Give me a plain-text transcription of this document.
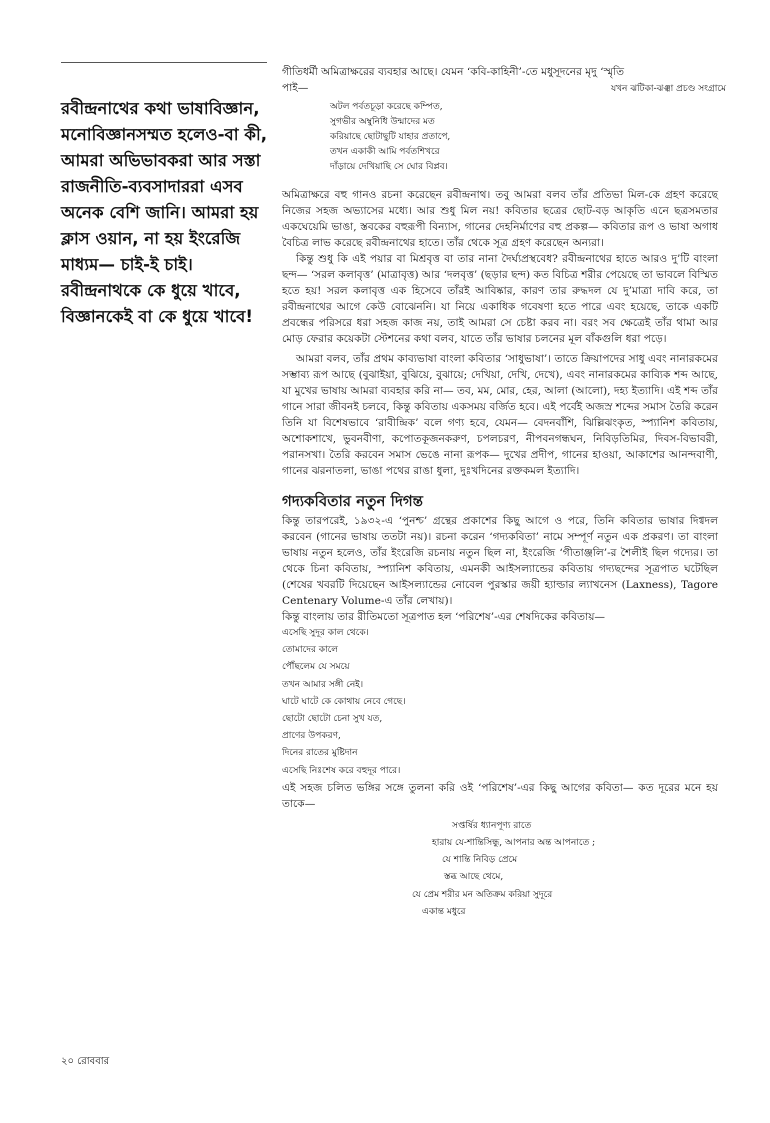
রবীন্দ্রনাথের কথা ভাষাবিজ্ঞান, মনোবিজ্ঞানসম্মত হলেও-বা কী, আমরা অভিভাবকরা আর সস্তা রাজনীতি-ব্যবসাদাররা এসব অনেক বেশি জানি। আমরা হয় ক্লাস ওয়ান, না হয় ইংরেজি মাধ্যম— চাই-ই চাই। রবীন্দ্রনাথকে কে ধুয়ে খাবে, বিজ্ঞানকেই বা কে ধুয়ে খাবে!
গীতিধর্মী অমিত্রাক্ষরের ব্যবহার আছে। যেমন ‘কবি-কাহিনী’-তে মধুসূদনের মৃদু ‘স্মৃতি
পাই—	যখন ঝটিকা-ঝঞ্ঝা প্রচণ্ড সংগ্রামে
অটল পর্বতচূড়া করেছে কম্পিত,
সুগভীর অম্বুনিধি উন্মাদের মত
করিয়াছে ছোটাছুটি যাহার প্রতাপে,
তখন একাকী আমি পর্বতশিখরে
দাঁড়ায়ে দেখিয়াছি সে ঘোর বিপ্লব।

অমিত্রাক্ষরে বহু গানও রচনা করেছেন রবীন্দ্রনাথ। তবু আমরা বলব তাঁর প্রতিভা মিল-কে গ্রহণ করেছে নিজের সহজ অভ্যাসের মধ্যে। আর শুধু মিল নয়! কবিতার ছত্রের ছোট-বড় আকৃতি এনে ছত্রসমতার একঘেয়েমি ভাঙা, স্তবকের বহুরূপী বিন্যাস, গানের দেহনির্মাণের বহু প্রকল্প— কবিতার রূপ ও ভাষা অগাধ বৈচিত্র লাভ করেছে রবীন্দ্রনাথের হাতে। তাঁর থেকে সূত্র গ্রহণ করেছেন অন্যরা।

কিন্তু শুধু কি এই পয়ার বা মিশ্রবৃত্ত বা তার নানা দৈর্ঘ্যপ্রস্থবেধ? রবীন্দ্রনাথের হাতে আরও দু’টি বাংলা ছন্দ— ‘সরল কলাবৃত্ত’ (মাত্রাবৃত্ত) আর ‘দলবৃত্ত’ (ছড়ার ছন্দ) কত বিচিত্র শরীর পেয়েছে তা ভাবলে বিস্মিত হতে হয়! সরল কলাবৃত্ত এক হিসেবে তাঁরই আবিষ্কার, কারণ তার রুদ্ধদল যে দু’মাত্রা দাবি করে, তা রবীন্দ্রনাথের আগে কেউ বোঝেননি। যা নিয়ে একাধিক গবেষণা হতে পারে এবং হয়েছে, তাকে একটি প্রবন্ধের পরিসরে ধরা সহজ কাজ নয়, তাই আমরা সে চেষ্টা করব না। বরং সব ক্ষেত্রেই তাঁর থামা আর মোড় ফেরার কয়েকটা স্টেশনের কথা বলব, যাতে তাঁর ভাষার চলনের মূল বাঁকগুলি ধরা পড়ে।

আমরা বলব, তাঁর প্রথম কাব্যভাষা বাংলা কবিতার ‘সাধুভাষা’। তাতে ক্রিয়াপদের সাধু এবং নানারকমের সম্ভাব্য রূপ আছে (বুঝাইয়া, বুঝিয়ে, বুঝায়ে; দেখিয়া, দেখি, দেখে), এবং নানারকমের কাব্যিক শব্দ আছে, যা মুখের ভাষায় আমরা ব্যবহার করি না— তব, মম, মোর, হের, আলা (আলো), দহ্য ইত্যাদি। এই শব্দ তাঁর গানে সারা জীবনই চলবে, কিন্তু কবিতায় একসময় বর্জিত হবে। এই পর্বেই অজস্র শব্দের সমাস তৈরি করেন তিনি যা বিশেষভাবে ‘রাবীন্দ্রিক’ বলে গণ্য হবে, যেমন— বেদনবাঁশি, ঝিল্লিঝংকৃত, স্প্যানিশ কবিতায়, অশোকশাখে, ভুবনবীণা, কপোতকূজনকরুণ, চপলচরণ, নীপবনগন্ধঘন, নিবিড়তিমির, দিবস-বিভাবরী, পরানসখা। তৈরি করবেন সমাস ভেঙে নানা রূপক— দুখের প্রদীপ, গানের হাওয়া, আকাশের আনন্দবাণী, গানের ঝরনাতলা, ভাঙা পথের রাঙা ধুলা, দুঃখদিনের রক্তকমল ইত্যাদি।

গদ্যকবিতার নতুন দিগন্ত

কিন্তু তারপরেই, ১৯৩২-এ ‘পুনশ্চ’ গ্রন্থের প্রকাশের কিছু আগে ও পরে, তিনি কবিতার ভাষার দিগ্বদল করবেন (গানের ভাষায় ততটা নয়)। রচনা করেন ‘গদ্যকবিতা’ নামে সম্পূর্ণ নতুন এক প্রকরণ। তা বাংলা ভাষায় নতুন হলেও, তাঁর ইংরেজি রচনায় নতুন ছিল না, ইংরেজি ‘গীতাঞ্জলি’-র শৈলীই ছিল গদ্যের। তা থেকে চিনা কবিতায়, স্প্যানিশ কবিতায়, এমনকী আইসল্যান্ডের কবিতায় গদ্যছন্দের সূত্রপাত ঘটেছিল (শেষের খবরটি দিয়েছেন আইসল্যান্ডের নোবেল পুরস্কার জয়ী হ্যাল্ডার ল্যাখনেস (Laxness), Tagore Centenary Volume-এ তাঁর লেখায়)।

কিন্তু বাংলায় তার রীতিমতো সূত্রপাত হল ‘পরিশেষ’-এর শেষদিকের কবিতায়—

এসেছি সুদূর কাল থেকে।
তোমাদের কালে
পৌঁছলেম যে সময়ে
তখন আমার সঙ্গী নেই।
ঘাটে ঘাটে কে কোথায় নেবে গেছে।
ছোটো ছোটো চেনা সুখ যত,
প্রাণের উপকরণ,
দিনের রাতের মুষ্টিদান
এসেছি নিঃশেষ করে বহুদূর পারে।

এই সহজ চলিত ভঙ্গির সঙ্গে তুলনা করি ওই ‘পরিশেষ’-এর কিছু আগের কবিতা— কত দূরের মনে হয় তাকে—

সপ্তর্ষির ধ্যানপূণ্য রাতে
হারায় যে-শান্তিসিন্ধু, আপনার অন্ত আপনাতে ;
যে শান্তি নিবিড় প্রেমে
স্তব্ধ আছে থেমে,
যে প্রেম শরীর মন অতিক্রম করিয়া সুদূরে
একান্ত মধুরে
২০ রোববার
